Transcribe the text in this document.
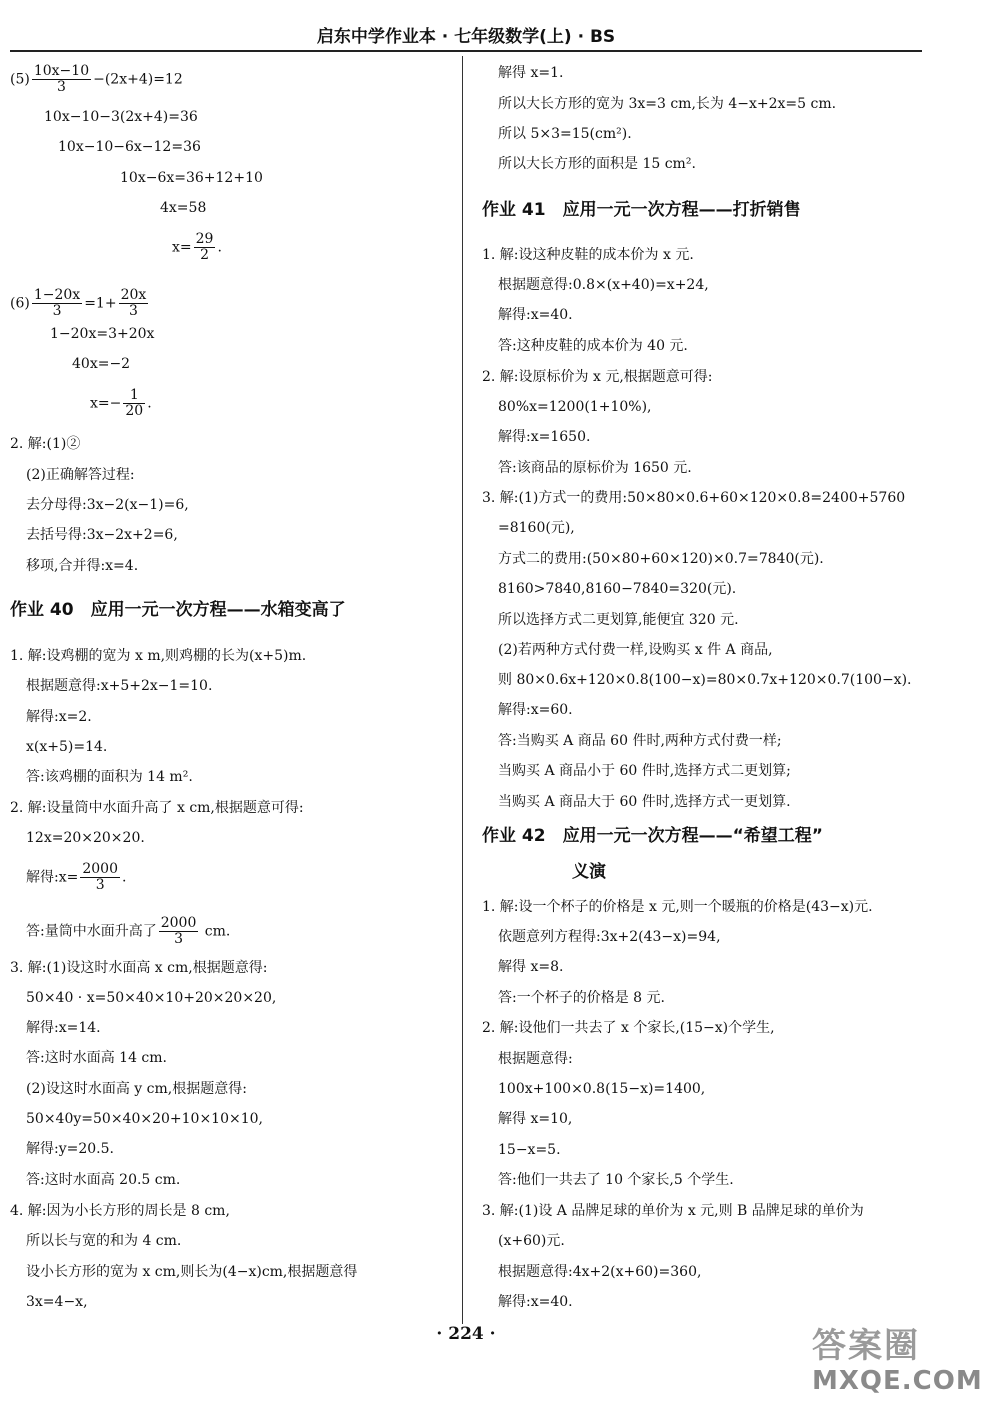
启东中学作业本 · 七年级数学(上) · BS
$(5) \frac{10x-10}{3} -(2x+4)=12$
10x−10−3(2x+4)=36
10x−10−6x−12=36
10x−6x=36+12+10
4x=58
$x= \frac{29}{2}$ .
$(6) \frac{1-20x}{3} =1+ \frac{20x}{3}$
1−20x=3+20x
40x=−2
$x=- \frac{1}{20}$ .
2. 解:(1)②
(2)正确解答过程:
去分母得:3x−2(x−1)=6,
去括号得:3x−2x+2=6,
移项,合并得:x=4.
作业 40　应用一元一次方程——水箱变高了
1. 解:设鸡棚的宽为 x m,则鸡棚的长为(x+5)m.
根据题意得:x+5+2x−1=10.
解得:x=2.
x(x+5)=14.
答:该鸡棚的面积为 14 m².
2. 解:设量筒中水面升高了 x cm,根据题意可得:
12x=20×20×20.
解得:x= $\frac{2000}{3}$ .
答:量筒中水面升高了 $\frac{2000}{3}$ cm.
3. 解:(1)设这时水面高 x cm,根据题意得:
50×40 · x=50×40×10+20×20×20,
解得:x=14.
答:这时水面高 14 cm.
(2)设这时水面高 y cm,根据题意得:
50×40y=50×40×20+10×10×10,
解得:y=20.5.
答:这时水面高 20.5 cm.
4. 解:因为小长方形的周长是 8 cm,
所以长与宽的和为 4 cm.
设小长方形的宽为 x cm,则长为(4−x)cm,根据题意得
3x=4−x,
解得 x=1.
所以大长方形的宽为 3x=3 cm,长为 4−x+2x=5 cm.
所以 5×3=15(cm²).
所以大长方形的面积是 15 cm².
作业 41　应用一元一次方程——打折销售
1. 解:设这种皮鞋的成本价为 x 元.
根据题意得:0.8×(x+40)=x+24,
解得:x=40.
答:这种皮鞋的成本价为 40 元.
2. 解:设原标价为 x 元,根据题意可得:
80%x=1200(1+10%),
解得:x=1650.
答:该商品的原标价为 1650 元.
3. 解:(1)方式一的费用:50×80×0.6+60×120×0.8=2400+5760
=8160(元),
方式二的费用:(50×80+60×120)×0.7=7840(元).
8160>7840,8160−7840=320(元).
所以选择方式二更划算,能便宜 320 元.
(2)若两种方式付费一样,设购买 x 件 A 商品,
则 80×0.6x+120×0.8(100−x)=80×0.7x+120×0.7(100−x).
解得:x=60.
答:当购买 A 商品 60 件时,两种方式付费一样;
当购买 A 商品小于 60 件时,选择方式二更划算;
当购买 A 商品大于 60 件时,选择方式一更划算.
作业 42　应用一元一次方程——“希望工程”
义演
1. 解:设一个杯子的价格是 x 元,则一个暖瓶的价格是(43−x)元.
依题意列方程得:3x+2(43−x)=94,
解得 x=8.
答:一个杯子的价格是 8 元.
2. 解:设他们一共去了 x 个家长,(15−x)个学生,
根据题意得:
100x+100×0.8(15−x)=1400,
解得 x=10,
15−x=5.
答:他们一共去了 10 个家长,5 个学生.
3. 解:(1)设 A 品牌足球的单价为 x 元,则 B 品牌足球的单价为
(x+60)元.
根据题意得:4x+2(x+60)=360,
解得:x=40.
· 224 ·	答案圈
MXQE.COM
